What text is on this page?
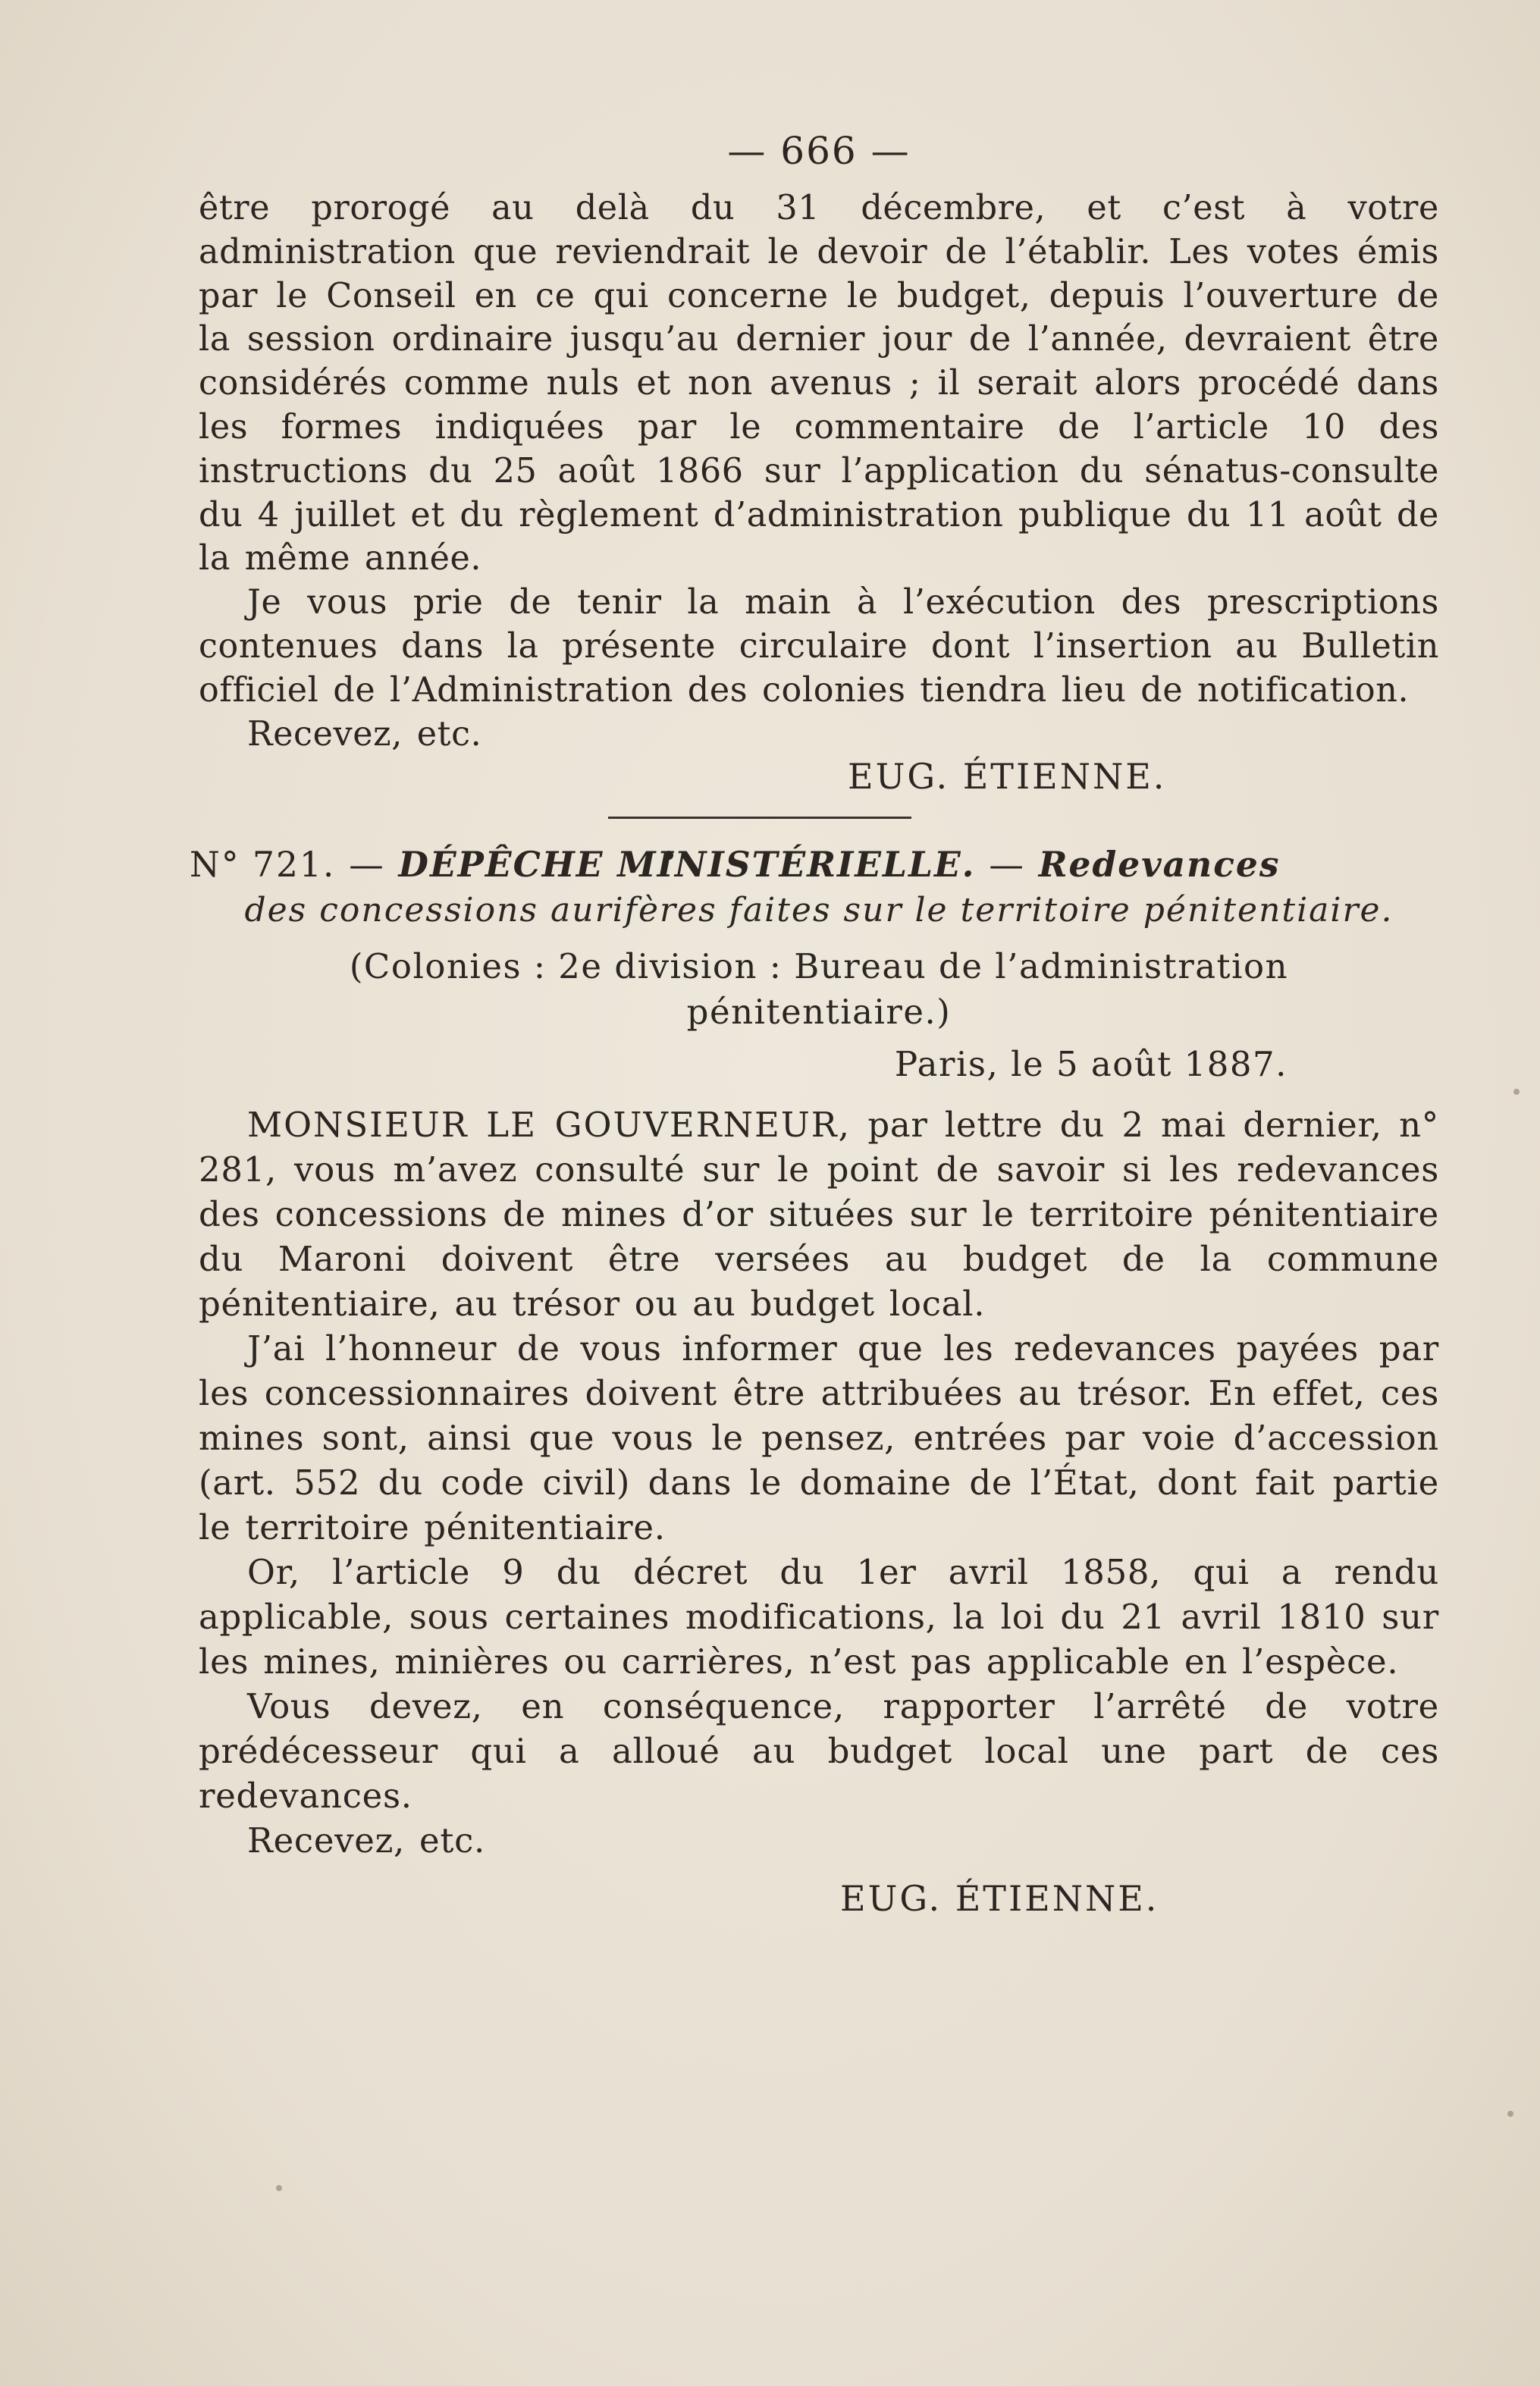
— 666 —

être prorogé au delà du 31 décembre, et c’est à votre administration que reviendrait le devoir de l’établir. Les votes émis par le Conseil en ce qui concerne le budget, depuis l’ouverture de la session ordinaire jusqu’au dernier jour de l’année, devraient être considérés comme nuls et non avenus ; il serait alors procédé dans les formes indiquées par le commentaire de l’article 10 des instructions du 25 août 1866 sur l’application du sénatus-consulte du 4 juillet et du règlement d’administration publique du 11 août de la même année.

Je vous prie de tenir la main à l’exécution des prescriptions contenues dans la présente circulaire dont l’insertion au Bulletin officiel de l’Administration des colonies tiendra lieu de notification.

Recevez, etc.

EUG. ÉTIENNE.

N° 721. — DÉPÊCHE MINISTÉRIELLE. — Redevances

des concessions aurifères faites sur le territoire pénitentiaire.

(Colonies : 2e division : Bureau de l’administration pénitentiaire.)

Paris, le 5 août 1887.

MONSIEUR LE GOUVERNEUR, par lettre du 2 mai dernier, n° 281, vous m’avez consulté sur le point de savoir si les redevances des concessions de mines d’or situées sur le territoire pénitentiaire du Maroni doivent être versées au budget de la commune pénitentiaire, au trésor ou au budget local.

J’ai l’honneur de vous informer que les redevances payées par les concessionnaires doivent être attribuées au trésor. En effet, ces mines sont, ainsi que vous le pensez, entrées par voie d’accession (art. 552 du code civil) dans le domaine de l’État, dont fait partie le territoire pénitentiaire.

Or, l’article 9 du décret du 1er avril 1858, qui a rendu applicable, sous certaines modifications, la loi du 21 avril 1810 sur les mines, minières ou carrières, n’est pas applicable en l’espèce.

Vous devez, en conséquence, rapporter l’arrêté de votre prédécesseur qui a alloué au budget local une part de ces redevances.

Recevez, etc.

EUG. ÉTIENNE.
